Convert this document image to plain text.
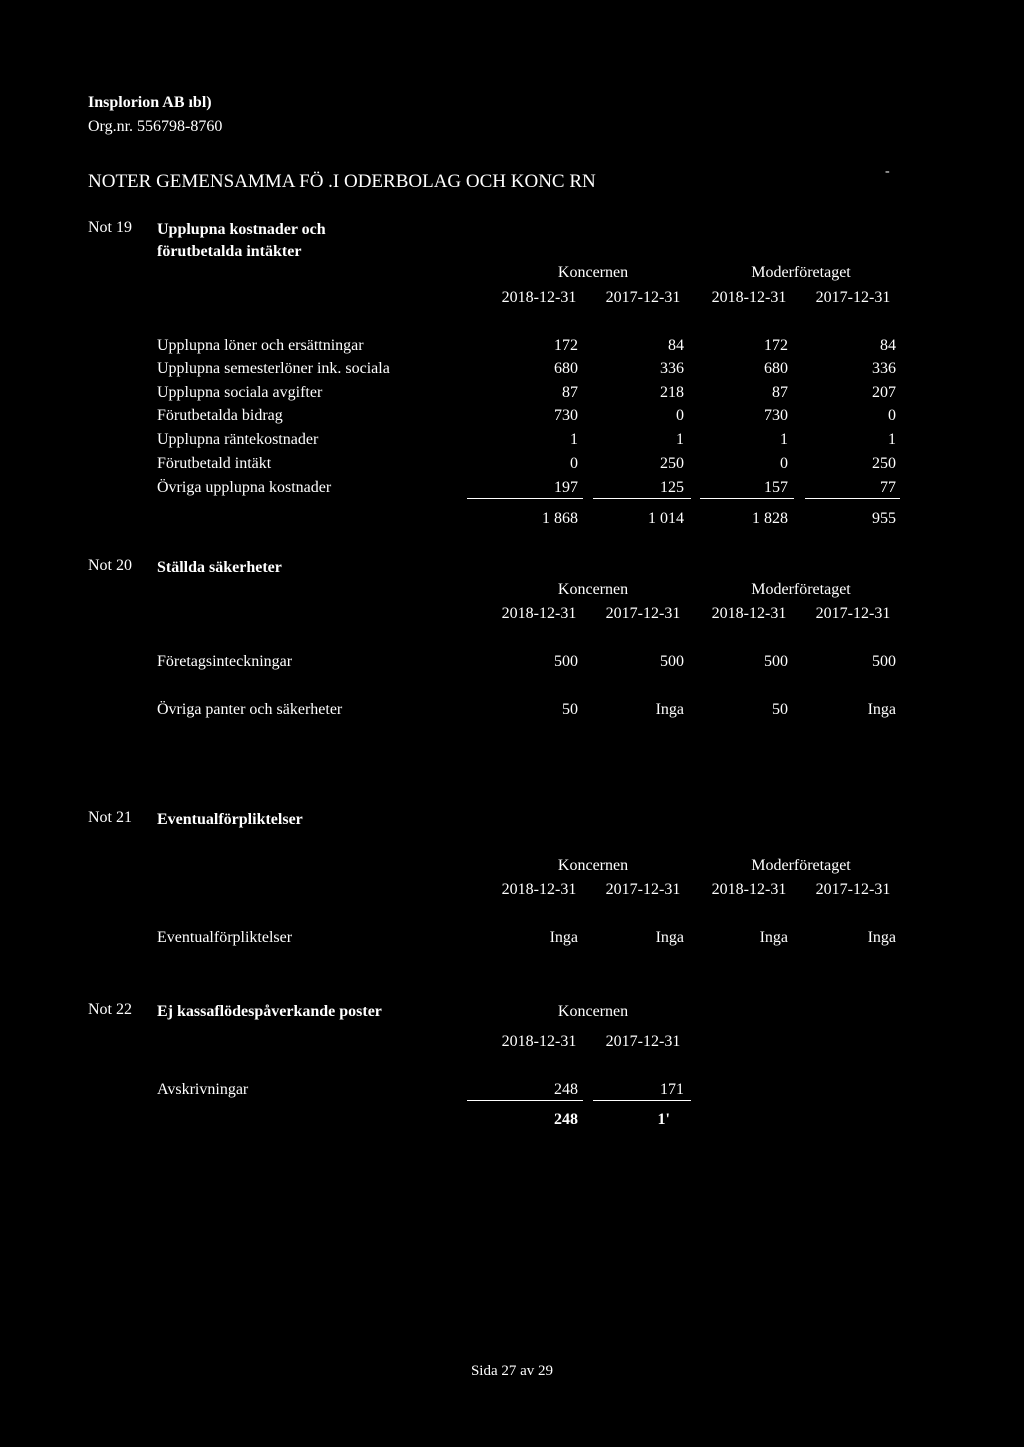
Insplorion AB ıbl)
Org.nr. 556798-8760
NOTER GEMENSAMMA FÖ .I ODERBOLAG OCH KONC RN	-
Not 19 Upplupna kostnader och
förutbetalda intäkter
Koncernen	Moderföretaget
2018-12-31	2017-12-31	2018-12-31	2017-12-31
Upplupna löner och ersättningar	172	84	172	84
Upplupna semesterlöner ink. sociala	680	336	680	336
Upplupna sociala avgifter	87	218	87	207
Förutbetalda bidrag	730	0	730	0
Upplupna räntekostnader	1	1	1	1
Förutbetald intäkt	0	250	0	250
Övriga upplupna kostnader	197	125	157	77
1 868	1 014	1 828	955
Not 20 Ställda säkerheter
Koncernen	Moderföretaget
2018-12-31	2017-12-31	2018-12-31	2017-12-31
Företagsinteckningar	500	500	500	500
Övriga panter och säkerheter	50	Inga	50	Inga
Not 21 Eventualförpliktelser
Koncernen	Moderföretaget
2018-12-31	2017-12-31	2018-12-31	2017-12-31
Eventualförpliktelser	Inga	Inga	Inga	Inga
Not 22 Ej kassaflödespåverkande poster	Koncernen
2018-12-31	2017-12-31
Avskrivningar	248	171
248	1'
Sida 27 av 29
